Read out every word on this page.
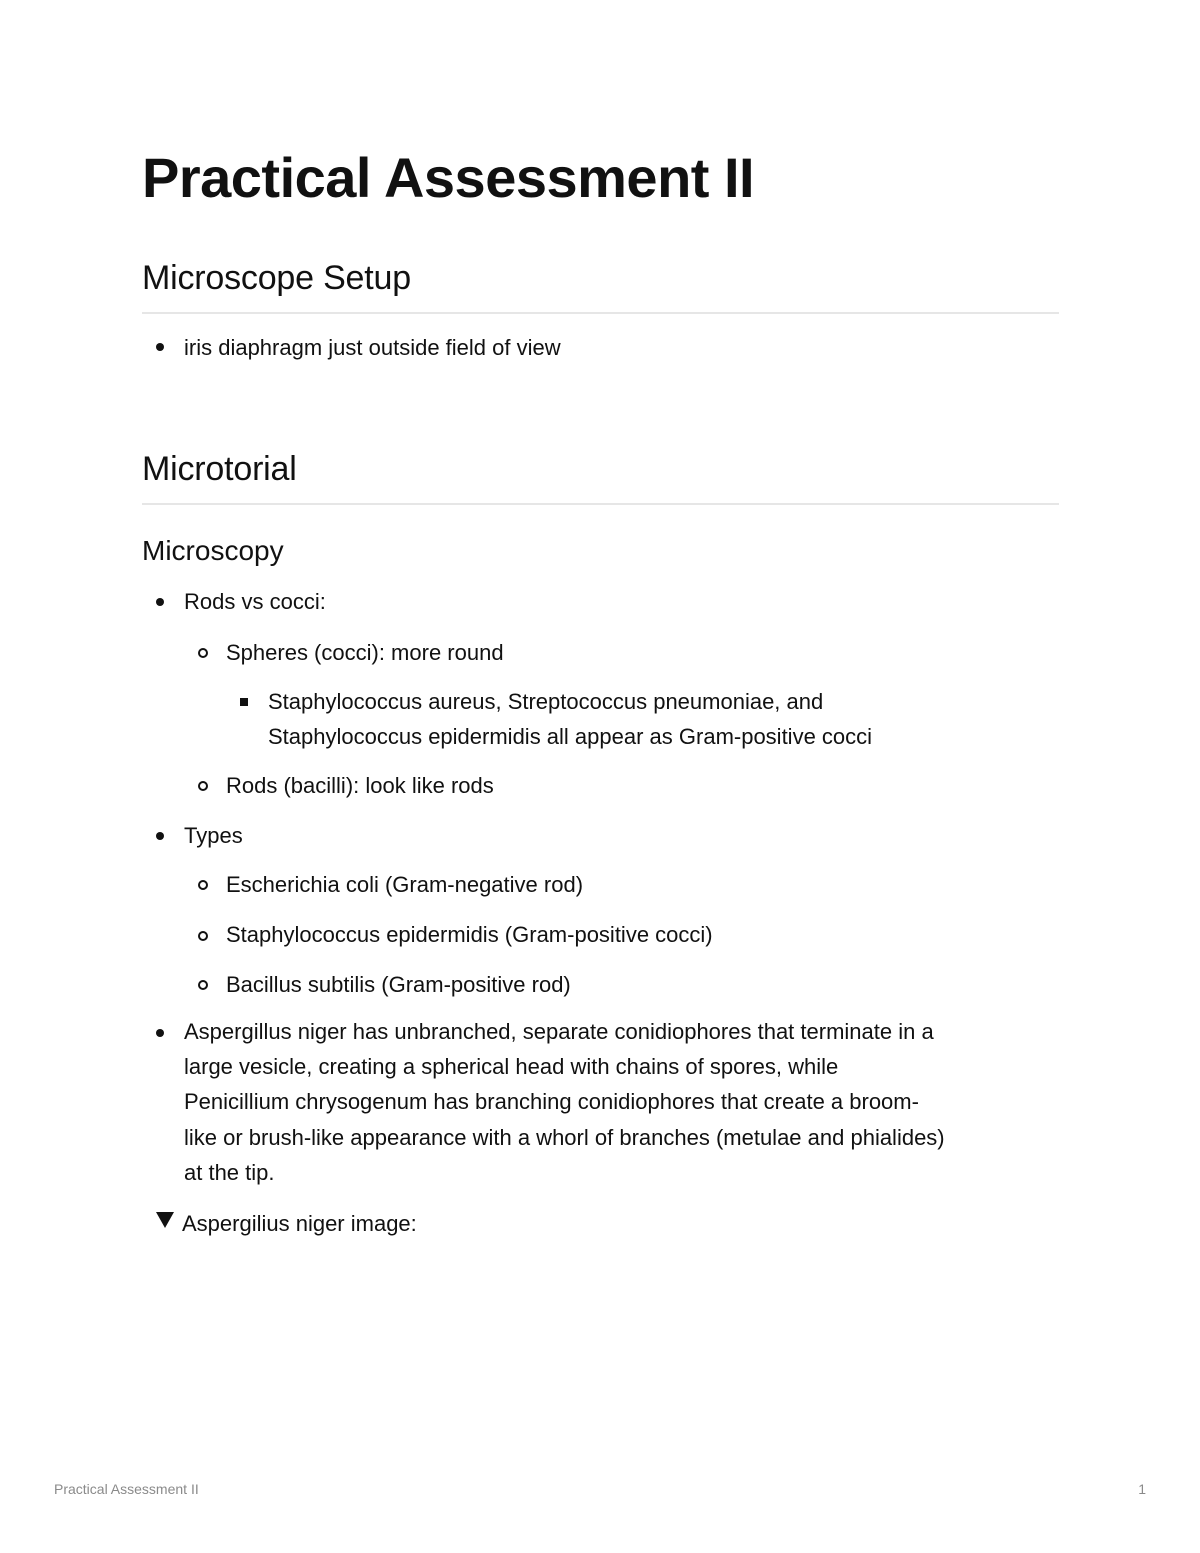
Practical Assessment II
Microscope Setup
iris diaphragm just outside field of view
Microtorial
Microscopy
Rods vs cocci:
Spheres (cocci): more round
Staphylococcus aureus, Streptococcus pneumoniae, and
Staphylococcus epidermidis all appear as Gram-positive cocci
Rods (bacilli): look like rods
Types
Escherichia coli (Gram-negative rod)
Staphylococcus epidermidis (Gram-positive cocci)
Bacillus subtilis (Gram-positive rod)
Aspergillus niger has unbranched, separate conidiophores that terminate in a
large vesicle, creating a spherical head with chains of spores, while
Penicillium chrysogenum has branching conidiophores that create a broom-
like or brush-like appearance with a whorl of branches (metulae and phialides)
at the tip.
Aspergilius niger image:
Practical Assessment II	1
